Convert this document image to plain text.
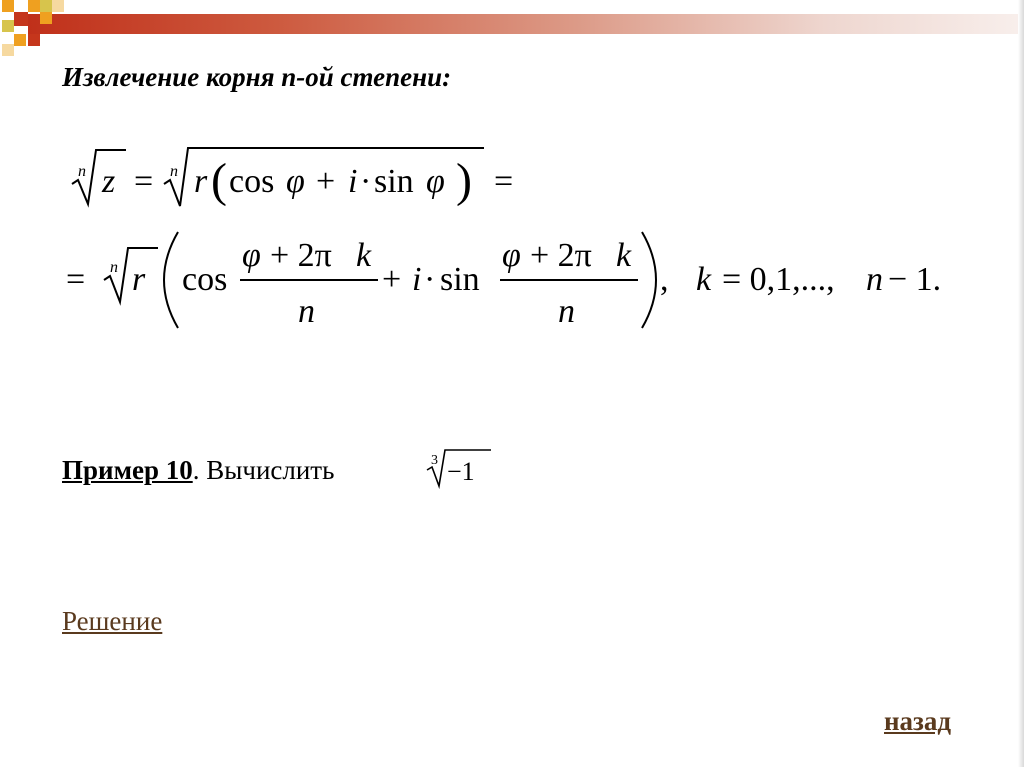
Извлечение корня n-ой степени:
n z = n r ( cos φ + i · sin φ ) =
= n r cos
φ + 2π k
n
+ i · sin
φ + 2π k
n
, k = 0,1,..., n − 1.
Пример 10. Вычислить	3 −1
Решение
назад
